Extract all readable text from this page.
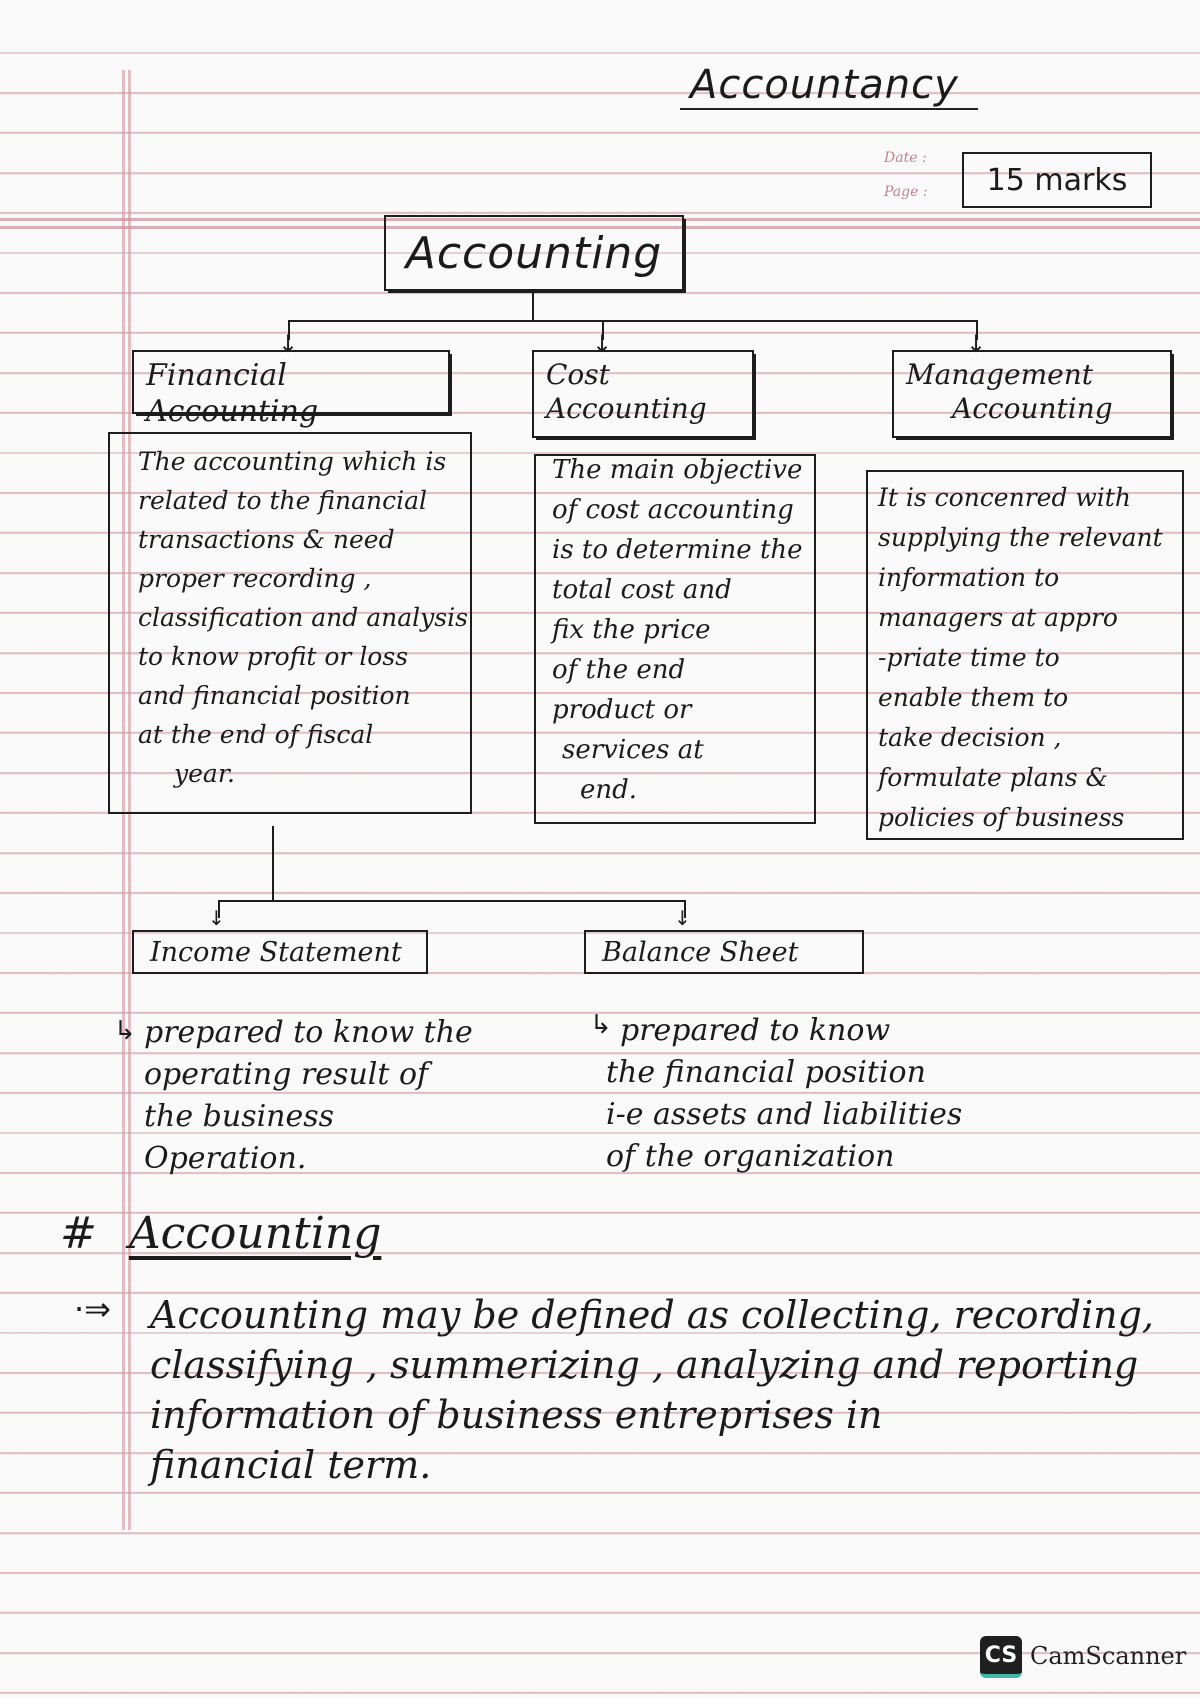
Accountancy
Date :
Page :	15 marks
Accounting
↓	↓	↓
Financial Accounting
Cost
Accounting
Management
Accounting
The accounting which is
related to the financial
transactions & need
proper recording ,
classification and analysis
to know profit or loss
and financial position
at the end of fiscal
year.
The main objective
of cost accounting
is to determine the
total cost and
fix the price
of the end
product or
services at
end.
It is concenred with
supplying the relevant
information to
managers at appro
-priate time to
enable them to
take decision ,
formulate plans &
policies of business
↓	↓
Income Statement	Balance Sheet
↳ prepared to know the
operating result of
the business
Operation.
↳ prepared to know
the financial position
i-e assets and liabilities
of the organization
# Accounting
·⇒ Accounting may be defined as collecting, recording,
classifying , summerizing , analyzing and reporting
information of business entreprises in
financial term.
CS CamScanner
